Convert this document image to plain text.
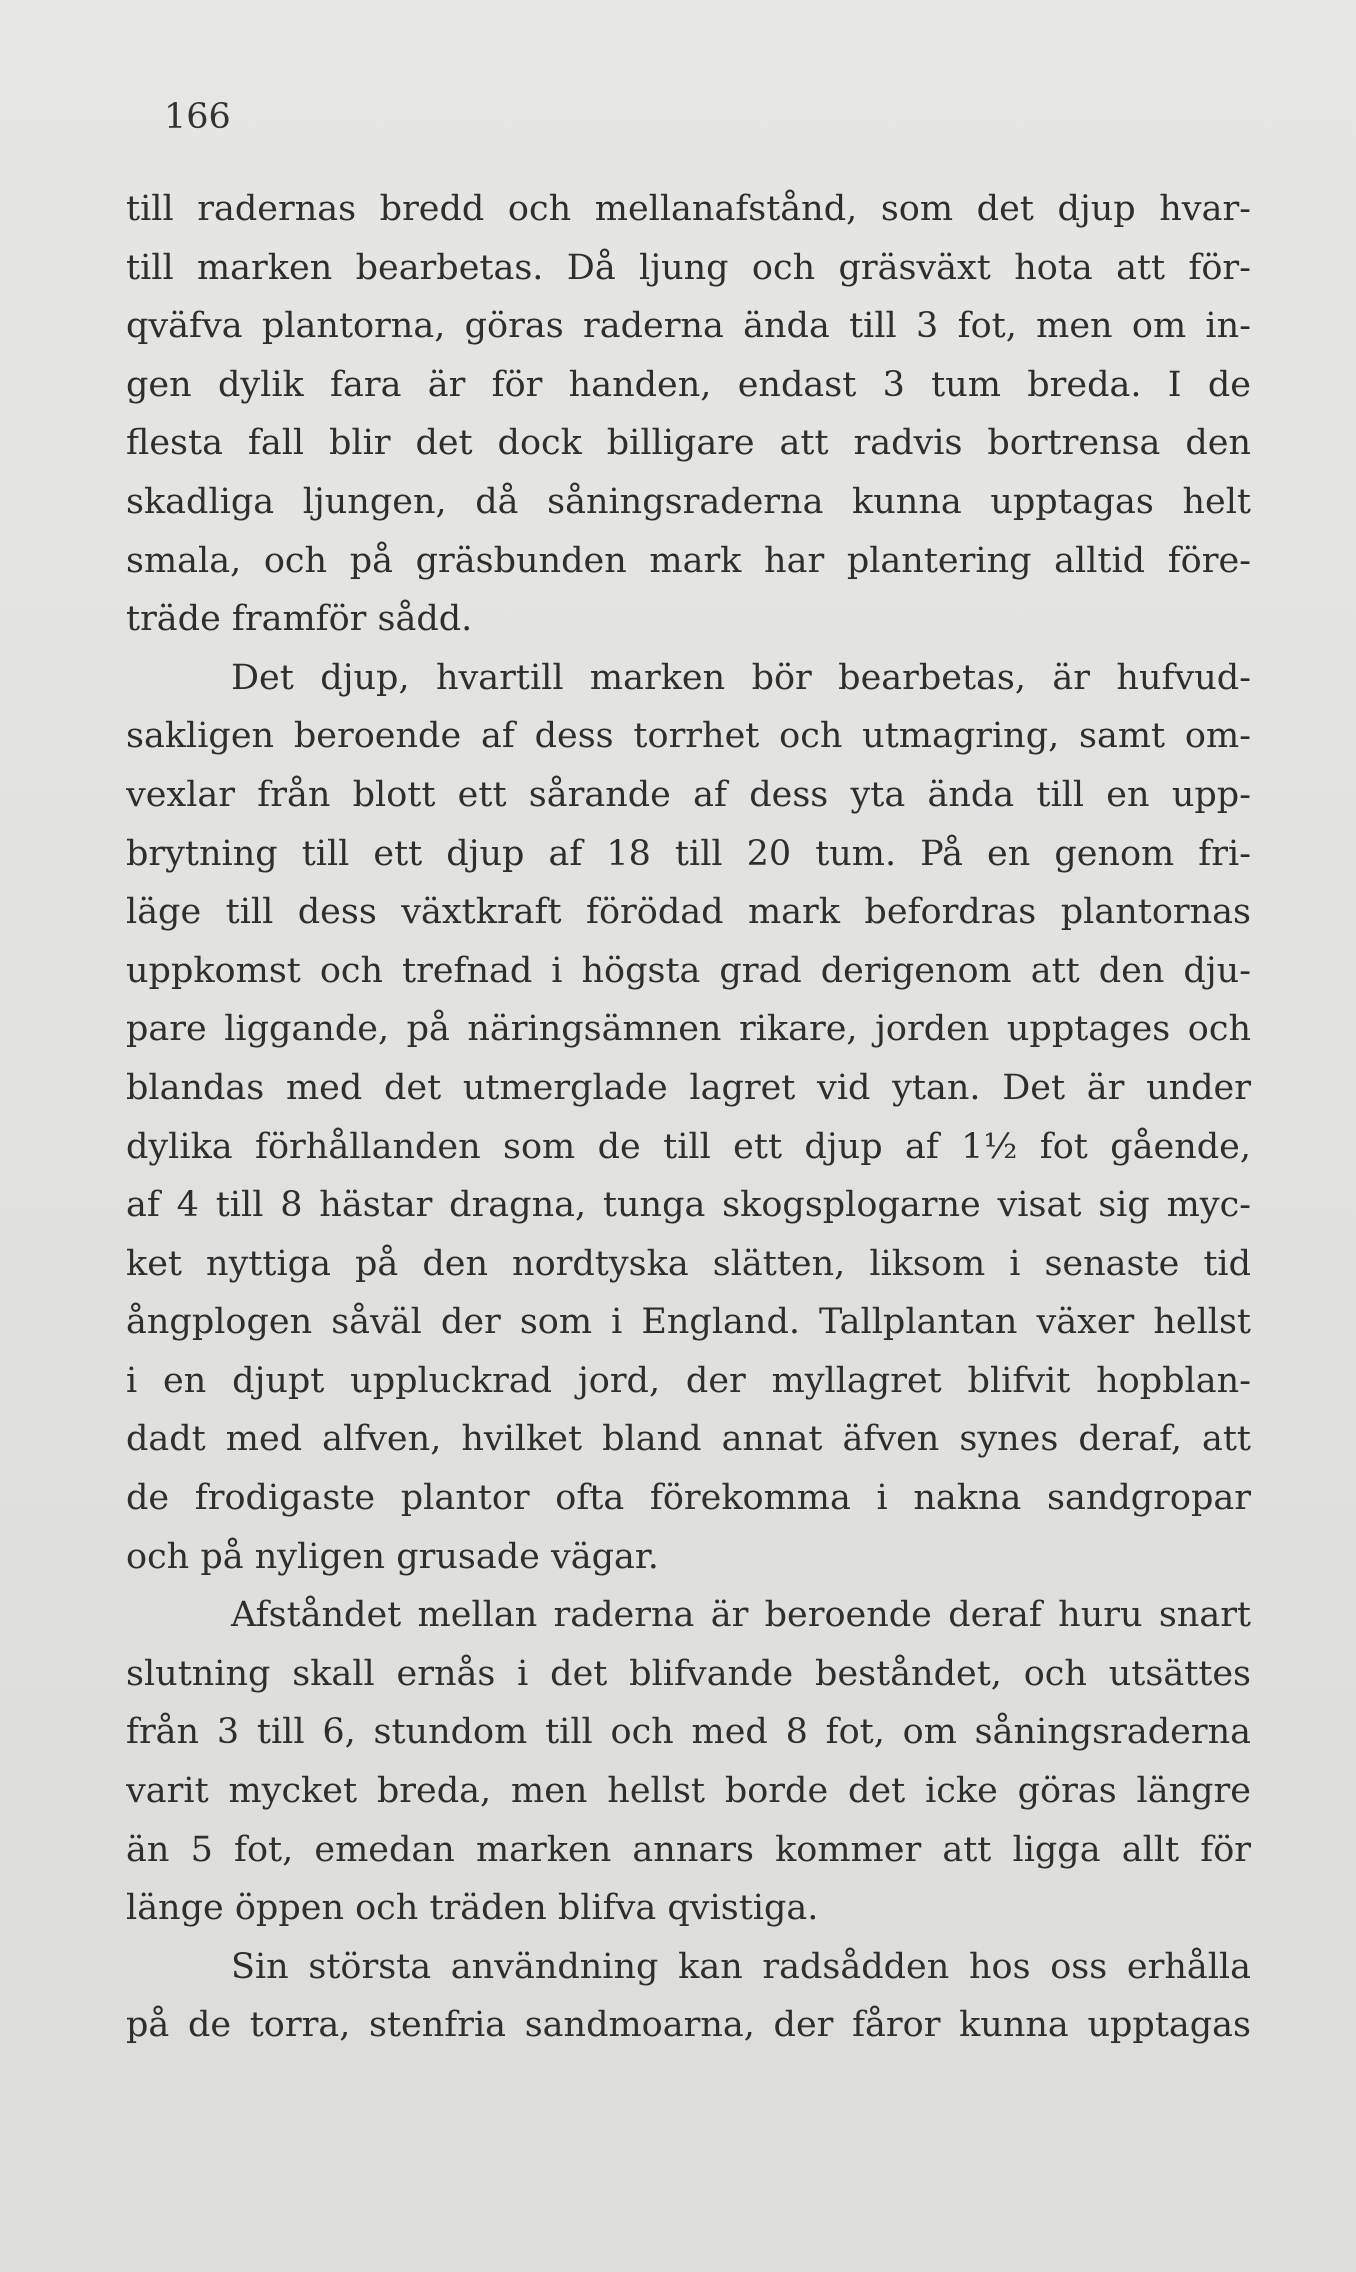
166
till radernas bredd och mellanafstånd, som det djup hvar-
till marken bearbetas. Då ljung och gräsväxt hota att för-
qväfva plantorna, göras raderna ända till 3 fot, men om in-
gen dylik fara är för handen, endast 3 tum breda. I de
flesta fall blir det dock billigare att radvis bortrensa den
skadliga ljungen, då såningsraderna kunna upptagas helt
smala, och på gräsbunden mark har plantering alltid före-
träde framför sådd.
Det djup, hvartill marken bör bearbetas, är hufvud-
sakligen beroende af dess torrhet och utmagring, samt om-
vexlar från blott ett sårande af dess yta ända till en upp-
brytning till ett djup af 18 till 20 tum. På en genom fri-
läge till dess växtkraft förödad mark befordras plantornas
uppkomst och trefnad i högsta grad derigenom att den dju-
pare liggande, på näringsämnen rikare, jorden upptages och
blandas med det utmerglade lagret vid ytan. Det är under
dylika förhållanden som de till ett djup af 1½ fot gående,
af 4 till 8 hästar dragna, tunga skogsplogarne visat sig myc-
ket nyttiga på den nordtyska slätten, liksom i senaste tid
ångplogen såväl der som i England. Tallplantan växer hellst
i en djupt uppluckrad jord, der myllagret blifvit hopblan-
dadt med alfven, hvilket bland annat äfven synes deraf, att
de frodigaste plantor ofta förekomma i nakna sandgropar
och på nyligen grusade vägar.
Afståndet mellan raderna är beroende deraf huru snart
slutning skall ernås i det blifvande beståndet, och utsättes
från 3 till 6, stundom till och med 8 fot, om såningsraderna
varit mycket breda, men hellst borde det icke göras längre
än 5 fot, emedan marken annars kommer att ligga allt för
länge öppen och träden blifva qvistiga.
Sin största användning kan radsådden hos oss erhålla
på de torra, stenfria sandmoarna, der fåror kunna upptagas
